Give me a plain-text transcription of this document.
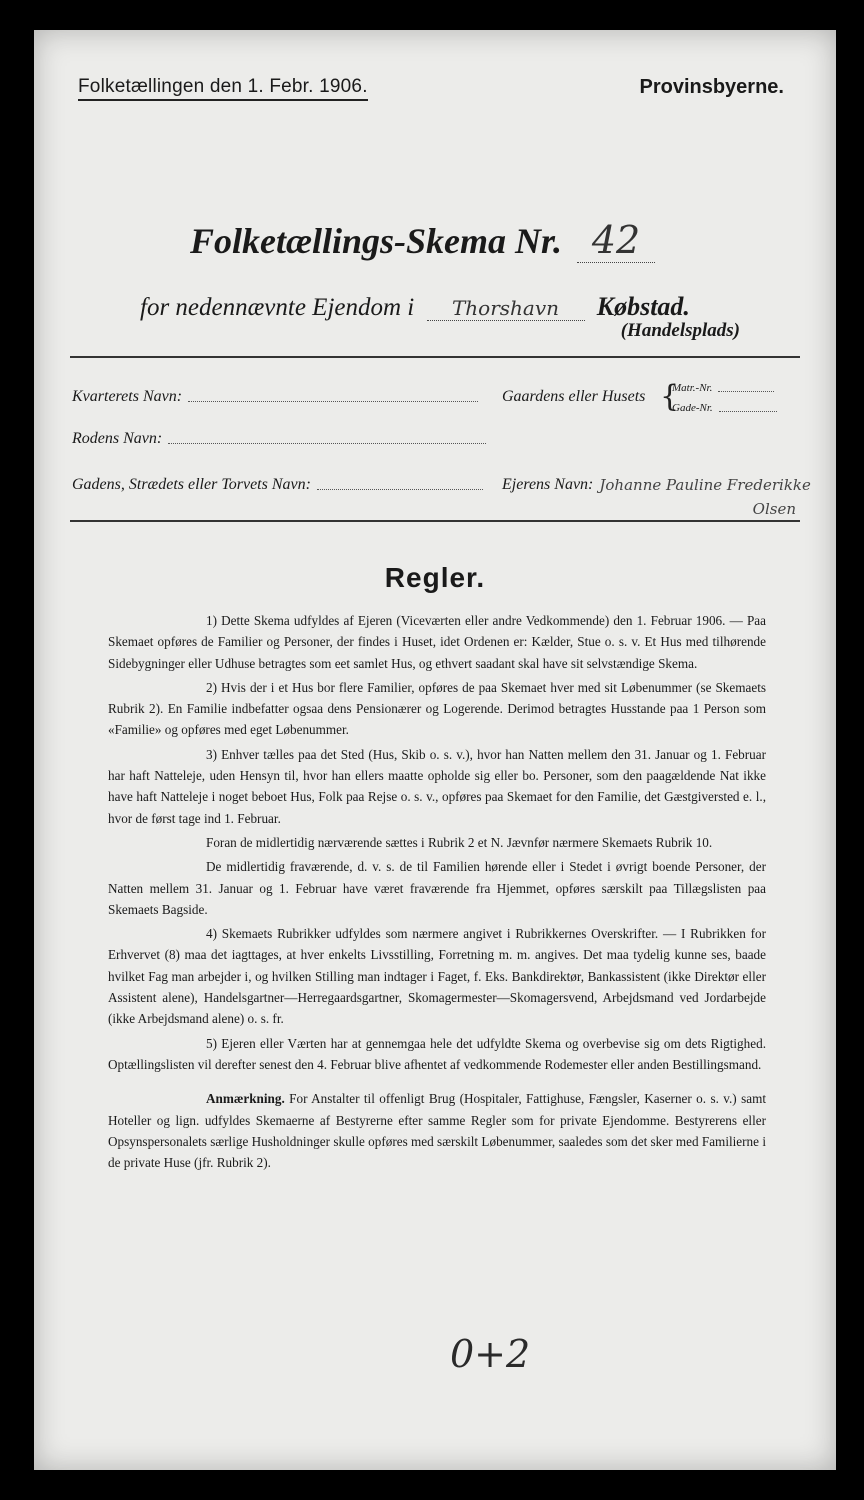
Folketællingen den 1. Febr. 1906.	Provinsbyerne.
Folketællings-Skema Nr. 42
for nedennævnte Ejendom i Thorshavn Købstad.
(Handelsplads)
Kvarterets Navn:	Gaardens eller Husets {
Matr.-Nr.
Gade-Nr.
Rodens Navn:
Gadens, Strædets eller Torvets Navn:	Ejerens Navn: Johanne Pauline Frederikke
Olsen
Regler.

1) Dette Skema udfyldes af Ejeren (Viceværten eller andre Vedkommende) den 1. Februar 1906. — Paa Skemaet opføres de Familier og Personer, der findes i Huset, idet Ordenen er: Kælder, Stue o. s. v. Et Hus med tilhørende Sidebygninger eller Udhuse betragtes som eet samlet Hus, og ethvert saadant skal have sit selvstændige Skema.

2) Hvis der i et Hus bor flere Familier, opføres de paa Skemaet hver med sit Løbenummer (se Skemaets Rubrik 2). En Familie indbefatter ogsaa dens Pensionærer og Logerende. Derimod betragtes Husstande paa 1 Person som «Familie» og opføres med eget Løbenummer.

3) Enhver tælles paa det Sted (Hus, Skib o. s. v.), hvor han Natten mellem den 31. Januar og 1. Februar har haft Natteleje, uden Hensyn til, hvor han ellers maatte opholde sig eller bo. Personer, som den paagældende Nat ikke have haft Natteleje i noget beboet Hus, Folk paa Rejse o. s. v., opføres paa Skemaet for den Familie, det Gæstgiversted e. l., hvor de først tage ind 1. Februar.

Foran de midlertidig nærværende sættes i Rubrik 2 et N. Jævnfør nærmere Skemaets Rubrik 10.

De midlertidig fraværende, d. v. s. de til Familien hørende eller i Stedet i øvrigt boende Personer, der Natten mellem 31. Januar og 1. Februar have været fraværende fra Hjemmet, opføres særskilt paa Tillægslisten paa Skemaets Bagside.

4) Skemaets Rubrikker udfyldes som nærmere angivet i Rubrikkernes Overskrifter. — I Rubrikken for Erhvervet (8) maa det iagttages, at hver enkelts Livsstilling, Forretning m. m. angives. Det maa tydelig kunne ses, baade hvilket Fag man arbejder i, og hvilken Stilling man indtager i Faget, f. Eks. Bankdirektør, Bankassistent (ikke Direktør eller Assistent alene), Handelsgartner—Herregaardsgartner, Skomagermester—Skomagersvend, Arbejdsmand ved Jordarbejde (ikke Arbejdsmand alene) o. s. fr.

5) Ejeren eller Værten har at gennemgaa hele det udfyldte Skema og overbevise sig om dets Rigtighed. Optællingslisten vil derefter senest den 4. Februar blive afhentet af vedkommende Rodemester eller anden Bestillingsmand.

Anmærkning. For Anstalter til offenligt Brug (Hospitaler, Fattighuse, Fængsler, Kaserner o. s. v.) samt Hoteller og lign. udfyldes Skemaerne af Bestyrerne efter samme Regler som for private Ejendomme. Bestyrerens eller Opsynspersonalets særlige Husholdninger skulle opføres med særskilt Løbenummer, saaledes som det sker med Familierne i de private Huse (jfr. Rubrik 2).

0+2
